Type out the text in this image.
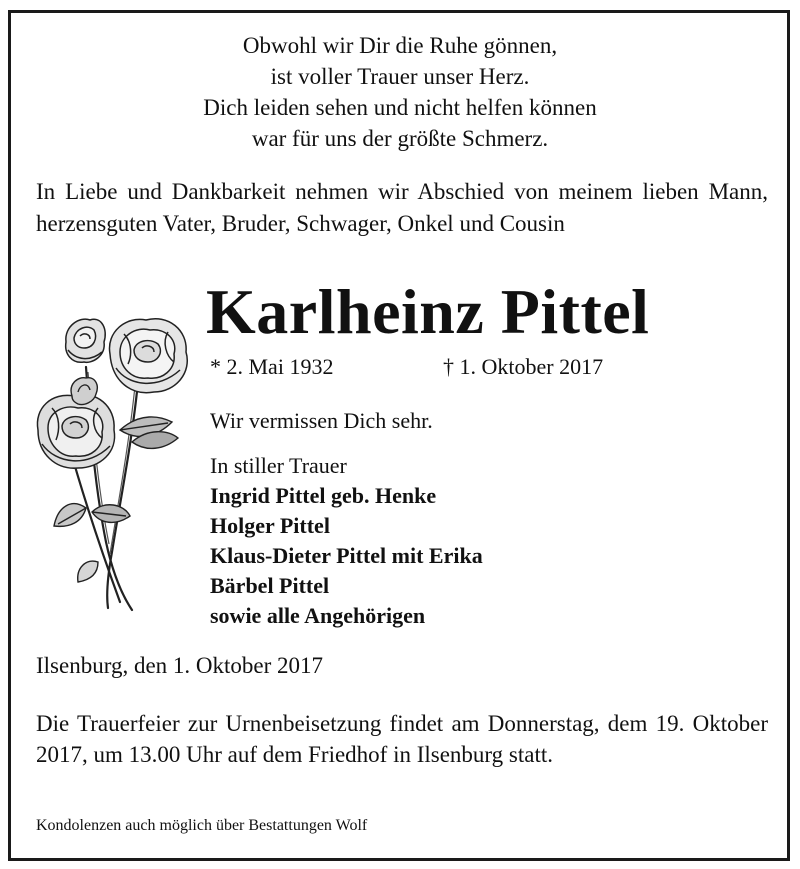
Obwohl wir Dir die Ruhe gönnen,
ist voller Trauer unser Herz.
Dich leiden sehen und nicht helfen können
war für uns der größte Schmerz.
In Liebe und Dankbarkeit nehmen wir Abschied von meinem lieben Mann, herzensguten Vater, Bruder, Schwager, Onkel und Cousin
Karlheinz Pittel
* 2. Mai 1932	† 1. Oktober 2017
Wir vermissen Dich sehr.
In stiller Trauer
Ingrid Pittel geb. Henke
Holger Pittel
Klaus-Dieter Pittel mit Erika
Bärbel Pittel
sowie alle Angehörigen
Ilsenburg, den 1. Oktober 2017
Die Trauerfeier zur Urnenbeisetzung findet am Donnerstag, dem 19. Oktober 2017, um 13.00 Uhr auf dem Friedhof in Ilsenburg statt.
Kondolenzen auch möglich über Bestattungen Wolf
